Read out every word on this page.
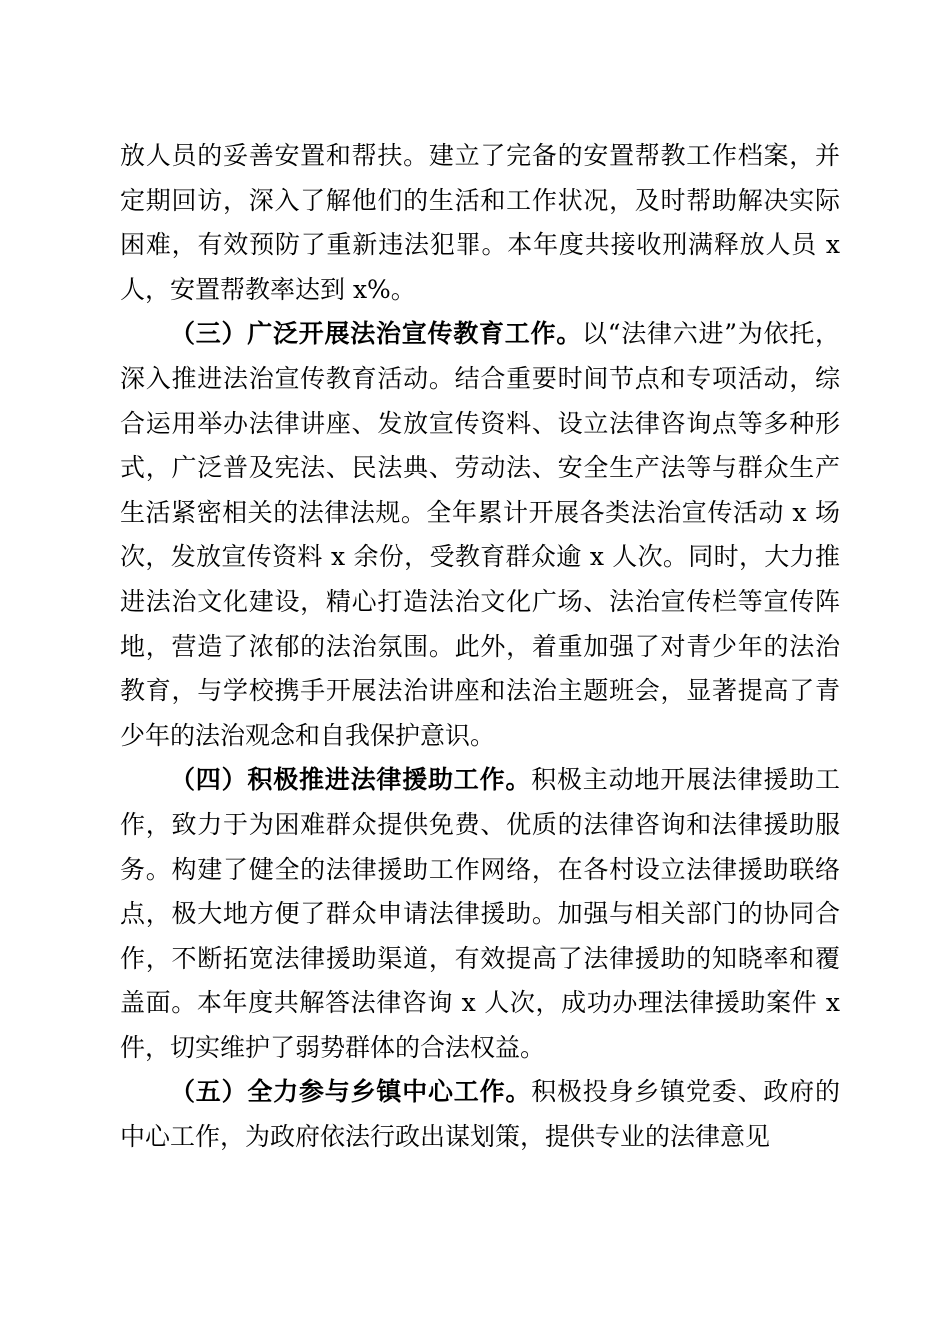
放人员的妥善安置和帮扶。建立了完备的安置帮教工作档案，并定期回访，深入了解他们的生活和工作状况，及时帮助解决实际困难，有效预防了重新违法犯罪。本年度共接收刑满释放人员 x 人，安置帮教率达到 x%。

（三）广泛开展法治宣传教育工作。以“法律六进”为依托，深入推进法治宣传教育活动。结合重要时间节点和专项活动，综合运用举办法律讲座、发放宣传资料、设立法律咨询点等多种形式，广泛普及宪法、民法典、劳动法、安全生产法等与群众生产生活紧密相关的法律法规。全年累计开展各类法治宣传活动 x 场次，发放宣传资料 x 余份，受教育群众逾 x 人次。同时，大力推进法治文化建设，精心打造法治文化广场、法治宣传栏等宣传阵地，营造了浓郁的法治氛围。此外，着重加强了对青少年的法治教育，与学校携手开展法治讲座和法治主题班会，显著提高了青少年的法治观念和自我保护意识。

（四）积极推进法律援助工作。积极主动地开展法律援助工作，致力于为困难群众提供免费、优质的法律咨询和法律援助服务。构建了健全的法律援助工作网络，在各村设立法律援助联络点，极大地方便了群众申请法律援助。加强与相关部门的协同合作，不断拓宽法律援助渠道，有效提高了法律援助的知晓率和覆盖面。本年度共解答法律咨询 x 人次，成功办理法律援助案件 x 件，切实维护了弱势群体的合法权益。

（五）全力参与乡镇中心工作。积极投身乡镇党委、政府的中心工作，为政府依法行政出谋划策，提供专业的法律意见
